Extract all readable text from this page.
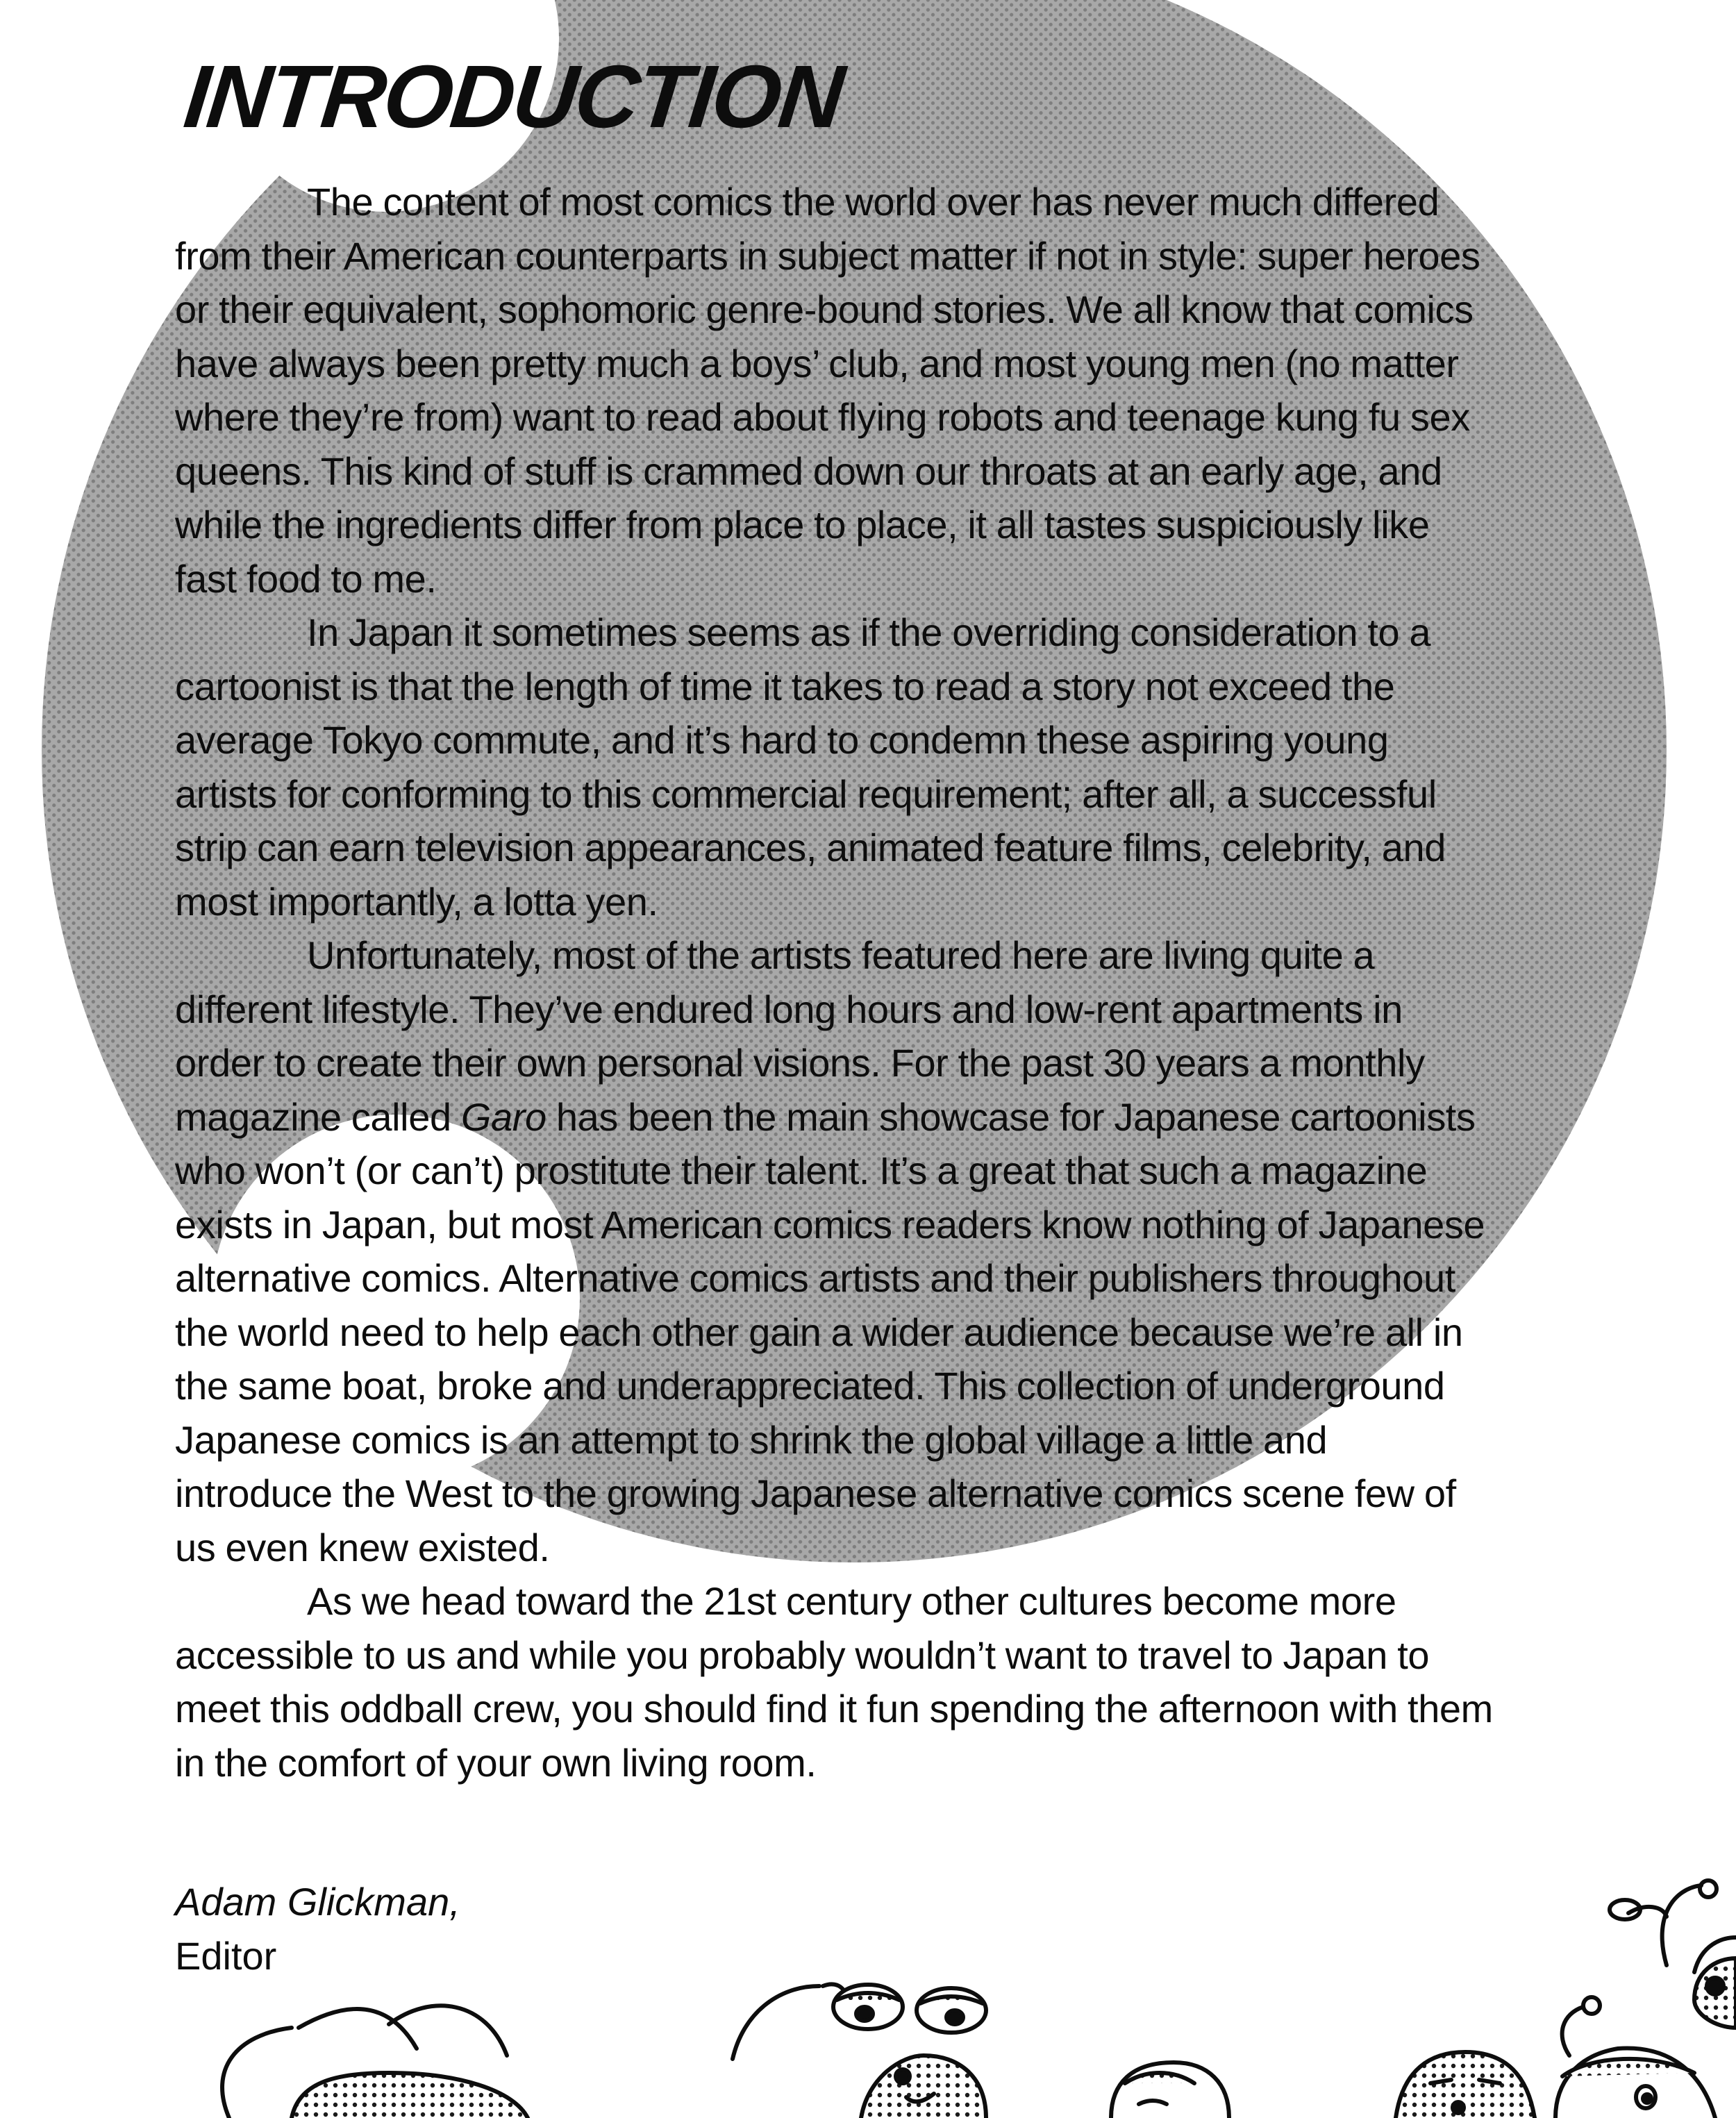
INTRODUCTION

The content of most comics the world over has never much differed from their American counterparts in subject matter if not in style: super heroes or their equivalent, sophomoric genre-bound stories. We all know that comics have always been pretty much a boys’ club, and most young men (no matter where they’re from) want to read about flying robots and teenage kung fu sex queens. This kind of stuff is crammed down our throats at an early age, and while the ingredients differ from place to place, it all tastes suspiciously like fast food to me.

In Japan it sometimes seems as if the overriding consideration to a cartoonist is that the length of time it takes to read a story not exceed the average Tokyo commute, and it’s hard to condemn these aspiring young artists for conforming to this commercial requirement; after all, a successful strip can earn television appearances, animated feature films, celebrity, and most importantly, a lotta yen.

Unfortunately, most of the artists featured here are living quite a different lifestyle. They’ve endured long hours and low-rent apartments in order to create their own personal visions. For the past 30 years a monthly magazine called Garo has been the main showcase for Japanese cartoonists who won’t (or can’t) prostitute their talent. It’s a great that such a magazine exists in Japan, but most American comics readers know nothing of Japanese alternative comics. Alternative comics artists and their publishers throughout the world need to help each other gain a wider audience because we’re all in the same boat, broke and underappreciated. This collection of underground Japanese comics is an attempt to shrink the global village a little and introduce the West to the growing Japanese alternative comics scene few of us even knew existed.

As we head toward the 21st century other cultures become more accessible to us and while you probably wouldn’t want to travel to Japan to meet this oddball crew, you should find it fun spending the afternoon with them in the comfort of your own living room.

Adam Glickman,
Editor
